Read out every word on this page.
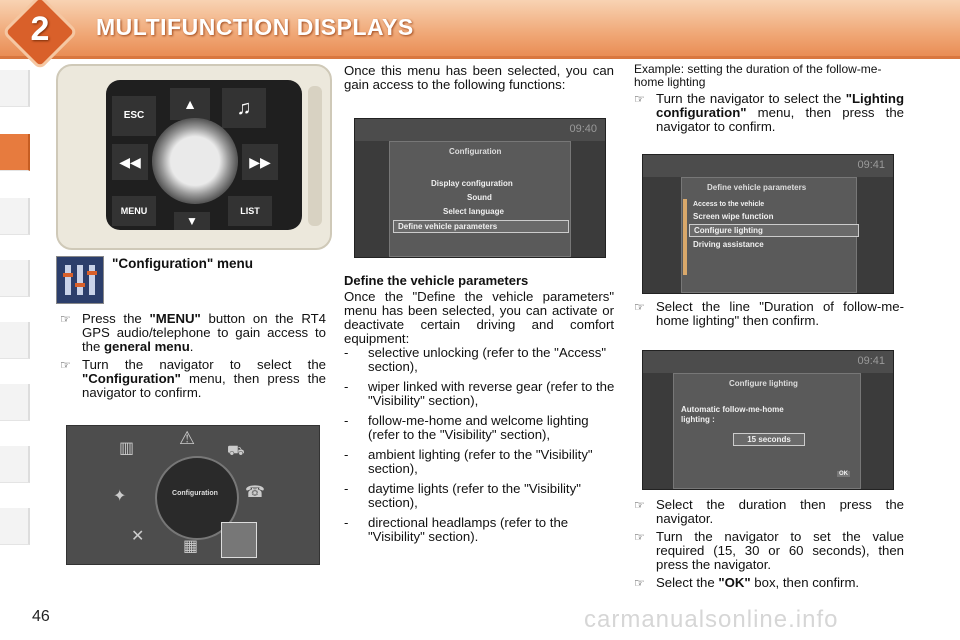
2	MULTIFUNCTION DISPLAYS
ESC
▲	♫
◀◀	▶▶
MENU
▼
LIST
"Configuration" menu
☞ Press the "MENU" button on the RT4 GPS audio/telephone to gain access to the general menu.
☞ Turn the navigator to select the "Configuration" menu, then press the navigator to confirm.
Configuration
▥
⚠
⛟
✦	☎
✕
▦
Once this menu has been selected, you can gain access to the following functions:
09:40
Configuration
Display configuration
Sound
Select language
Define vehicle parameters
Define the vehicle parameters
Once the "Define the vehicle parameters" menu has been selected, you can activate or deactivate certain driving and comfort equipment:
-	selective unlocking (refer to the "Access" section),
-	wiper linked with reverse gear (refer to the "Visibility" section),
-	follow-me-home and welcome lighting (refer to the "Visibility" section),
-	ambient lighting (refer to the "Visibility" section),
-	daytime lights (refer to the "Visibility" section),
-	directional headlamps (refer to the "Visibility" section).
Example: setting the duration of the follow-me-home lighting
☞ Turn the navigator to select the "Lighting configuration" menu, then press the navigator to confirm.
09:41
Define vehicle parameters
Access to the vehicle
Screen wipe function
Configure lighting
Driving assistance
☞ Select the line "Duration of follow-me-home lighting" then confirm.
09:41
Configure lighting
Automatic follow-me-home lighting :
15 seconds
OK
☞ Select the duration then press the navigator.
☞ Turn the navigator to set the value required (15, 30 or 60 seconds), then press the navigator.
☞ Select the "OK" box, then confirm.
46	carmanualsonline.info
